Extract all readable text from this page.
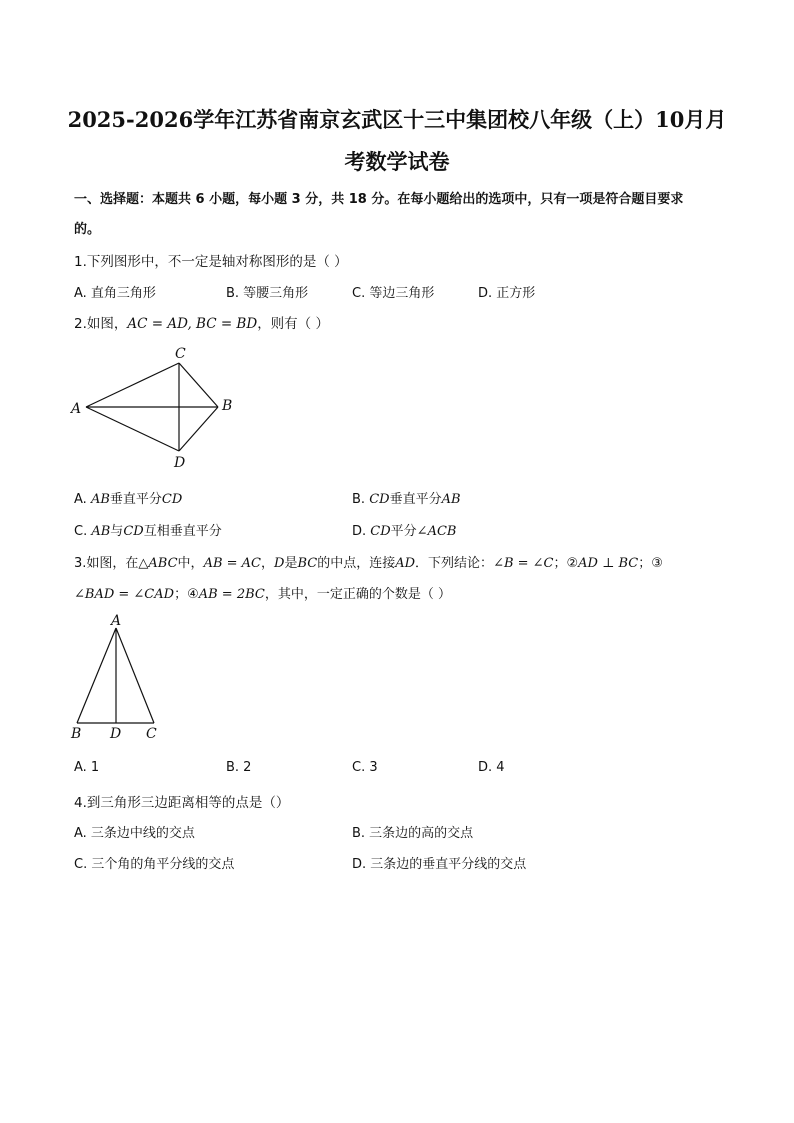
2025-2026学年江苏省南京玄武区十三中集团校八年级（上）10月月
考数学试卷
一、选择题：本题共 6 小题，每小题 3 分，共 18 分。在每小题给出的选项中，只有一项是符合题目要求
的。
1.下列图形中，不一定是轴对称图形的是（ ）
A. 直角三角形	B. 等腰三角形	C. 等边三角形	D. 正方形
2.如图，AC = AD, BC = BD，则有（ ）
C
A	B
D
A. AB垂直平分CD	B. CD垂直平分AB
C. AB与CD互相垂直平分	D. CD平分∠ACB
3.如图，在△ABC中，AB = AC，D是BC的中点，连接AD．下列结论：∠B = ∠C；②AD ⊥ BC；③
∠BAD = ∠CAD；④AB = 2BC，其中，一定正确的个数是（ ）
A
B D C
A. 1	B. 2	C. 3	D. 4
4.到三角形三边距离相等的点是（）
A. 三条边中线的交点	B. 三条边的高的交点
C. 三个角的角平分线的交点	D. 三条边的垂直平分线的交点
